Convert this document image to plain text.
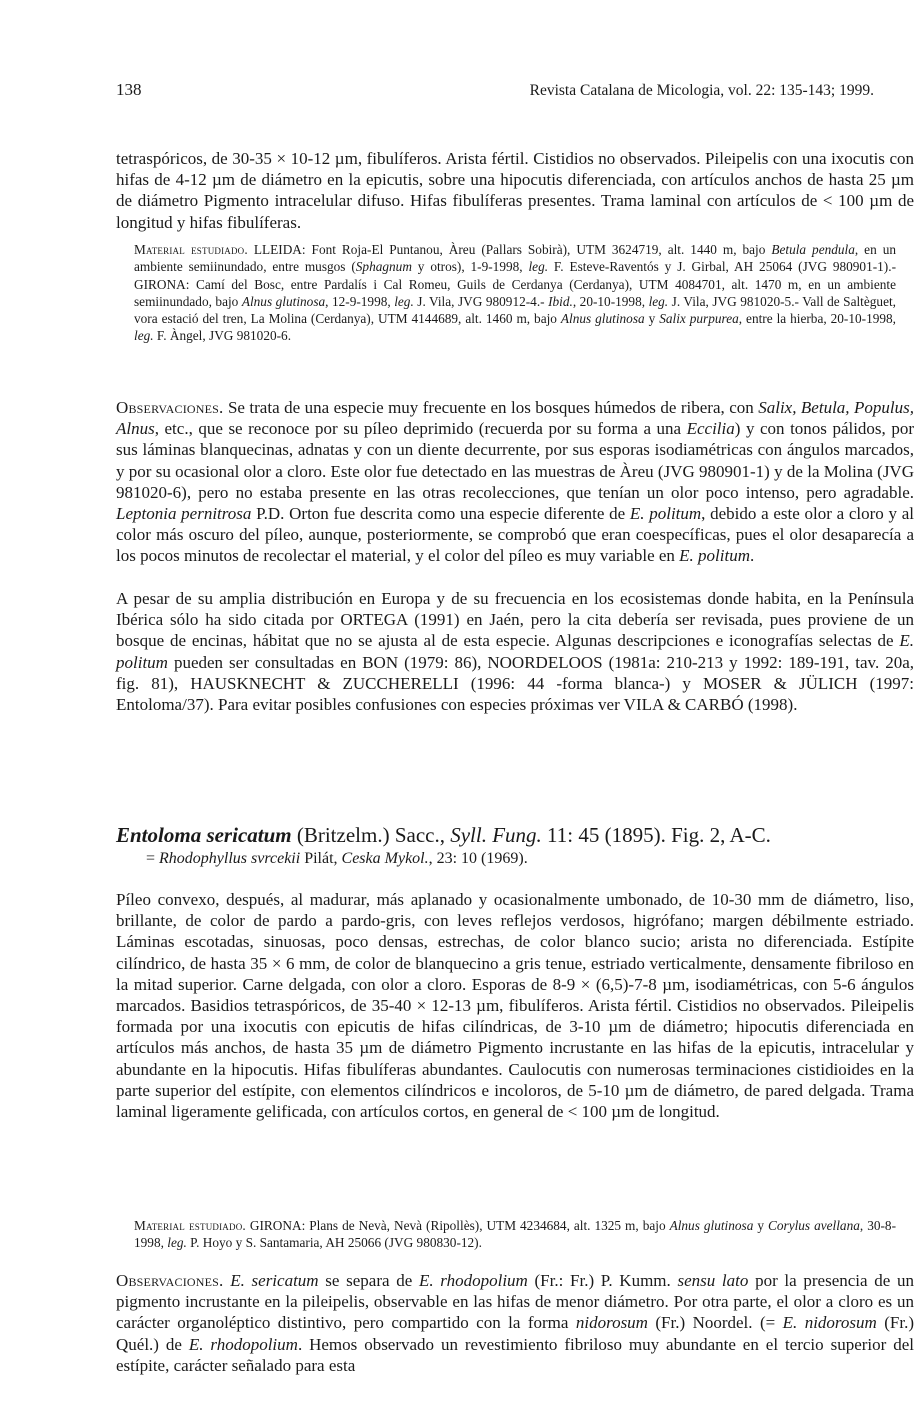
138	Revista Catalana de Micologia, vol. 22: 135-143; 1999.

tetraspóricos, de 30-35 × 10-12 µm, fibulíferos. Arista fértil. Cistidios no observados. Pileipelis con una ixocutis con hifas de 4-12 µm de diámetro en la epicutis, sobre una hipocutis diferenciada, con artículos anchos de hasta 25 µm de diámetro Pigmento intracelular difuso. Hifas fibulíferas presentes. Trama laminal con artículos de < 100 µm de longitud y hifas fibulíferas.

Material estudiado. LLEIDA: Font Roja-El Puntanou, Àreu (Pallars Sobirà), UTM 3624719, alt. 1440 m, bajo Betula pendula, en un ambiente semiinundado, entre musgos (Sphagnum y otros), 1-9-1998, leg. F. Esteve-Raventós y J. Girbal, AH 25064 (JVG 980901-1).- GIRONA: Camí del Bosc, entre Pardalís i Cal Romeu, Guils de Cerdanya (Cerdanya), UTM 4084701, alt. 1470 m, en un ambiente semiinundado, bajo Alnus glutinosa, 12-9-1998, leg. J. Vila, JVG 980912-4.- Ibid., 20-10-1998, leg. J. Vila, JVG 981020-5.- Vall de Saltèguet, vora estació del tren, La Molina (Cerdanya), UTM 4144689, alt. 1460 m, bajo Alnus glutinosa y Salix purpurea, entre la hierba, 20-10-1998, leg. F. Àngel, JVG 981020-6.

Observaciones. Se trata de una especie muy frecuente en los bosques húmedos de ribera, con Salix, Betula, Populus, Alnus, etc., que se reconoce por su píleo deprimido (recuerda por su forma a una Eccilia) y con tonos pálidos, por sus láminas blanquecinas, adnatas y con un diente decurrente, por sus esporas isodiamétricas con ángulos marcados, y por su ocasional olor a cloro. Este olor fue detectado en las muestras de Àreu (JVG 980901-1) y de la Molina (JVG 981020-6), pero no estaba presente en las otras recolecciones, que tenían un olor poco intenso, pero agradable. Leptonia pernitrosa P.D. Orton fue descrita como una especie diferente de E. politum, debido a este olor a cloro y al color más oscuro del píleo, aunque, posteriormente, se comprobó que eran coespecíficas, pues el olor desaparecía a los pocos minutos de recolectar el material, y el color del píleo es muy variable en E. politum.

A pesar de su amplia distribución en Europa y de su frecuencia en los ecosistemas donde habita, en la Península Ibérica sólo ha sido citada por ORTEGA (1991) en Jaén, pero la cita debería ser revisada, pues proviene de un bosque de encinas, hábitat que no se ajusta al de esta especie. Algunas descripciones e iconografías selectas de E. politum pueden ser consultadas en BON (1979: 86), NOORDELOOS (1981a: 210-213 y 1992: 189-191, tav. 20a, fig. 81), HAUSKNECHT & ZUCCHERELLI (1996: 44 -forma blanca-) y MOSER & JÜLICH (1997: Entoloma/37). Para evitar posibles confusiones con especies próximas ver VILA & CARBÓ (1998).

Entoloma sericatum (Britzelm.) Sacc., Syll. Fung. 11: 45 (1895). Fig. 2, A-C.
= Rhodophyllus svrcekii Pilát, Ceska Mykol., 23: 10 (1969).

Píleo convexo, después, al madurar, más aplanado y ocasionalmente umbonado, de 10-30 mm de diámetro, liso, brillante, de color de pardo a pardo-gris, con leves reflejos verdosos, higrófano; margen débilmente estriado. Láminas escotadas, sinuosas, poco densas, estrechas, de color blanco sucio; arista no diferenciada. Estípite cilíndrico, de hasta 35 × 6 mm, de color de blanquecino a gris tenue, estriado verticalmente, densamente fibriloso en la mitad superior. Carne delgada, con olor a cloro. Esporas de 8-9 × (6,5)-7-8 µm, isodiamétricas, con 5-6 ángulos marcados. Basidios tetraspóricos, de 35-40 × 12-13 µm, fibulíferos. Arista fértil. Cistidios no observados. Pileipelis formada por una ixocutis con epicutis de hifas cilíndricas, de 3-10 µm de diámetro; hipocutis diferenciada en artículos más anchos, de hasta 35 µm de diámetro Pigmento incrustante en las hifas de la epicutis, intracelular y abundante en la hipocutis. Hifas fibulíferas abundantes. Caulocutis con numerosas terminaciones cistidioides en la parte superior del estípite, con elementos cilíndricos e incoloros, de 5-10 µm de diámetro, de pared delgada. Trama laminal ligeramente gelificada, con artículos cortos, en general de < 100 µm de longitud.

Material estudiado. GIRONA: Plans de Nevà, Nevà (Ripollès), UTM 4234684, alt. 1325 m, bajo Alnus glutinosa y Corylus avellana, 30-8-1998, leg. P. Hoyo y S. Santamaria, AH 25066 (JVG 980830-12).

Observaciones. E. sericatum se separa de E. rhodopolium (Fr.: Fr.) P. Kumm. sensu lato por la presencia de un pigmento incrustante en la pileipelis, observable en las hifas de menor diámetro. Por otra parte, el olor a cloro es un carácter organoléptico distintivo, pero compartido con la forma nidorosum (Fr.) Noordel. (= E. nidorosum (Fr.) Quél.) de E. rhodopolium. Hemos observado un revestimiento fibriloso muy abundante en el tercio superior del estípite, carácter señalado para esta
